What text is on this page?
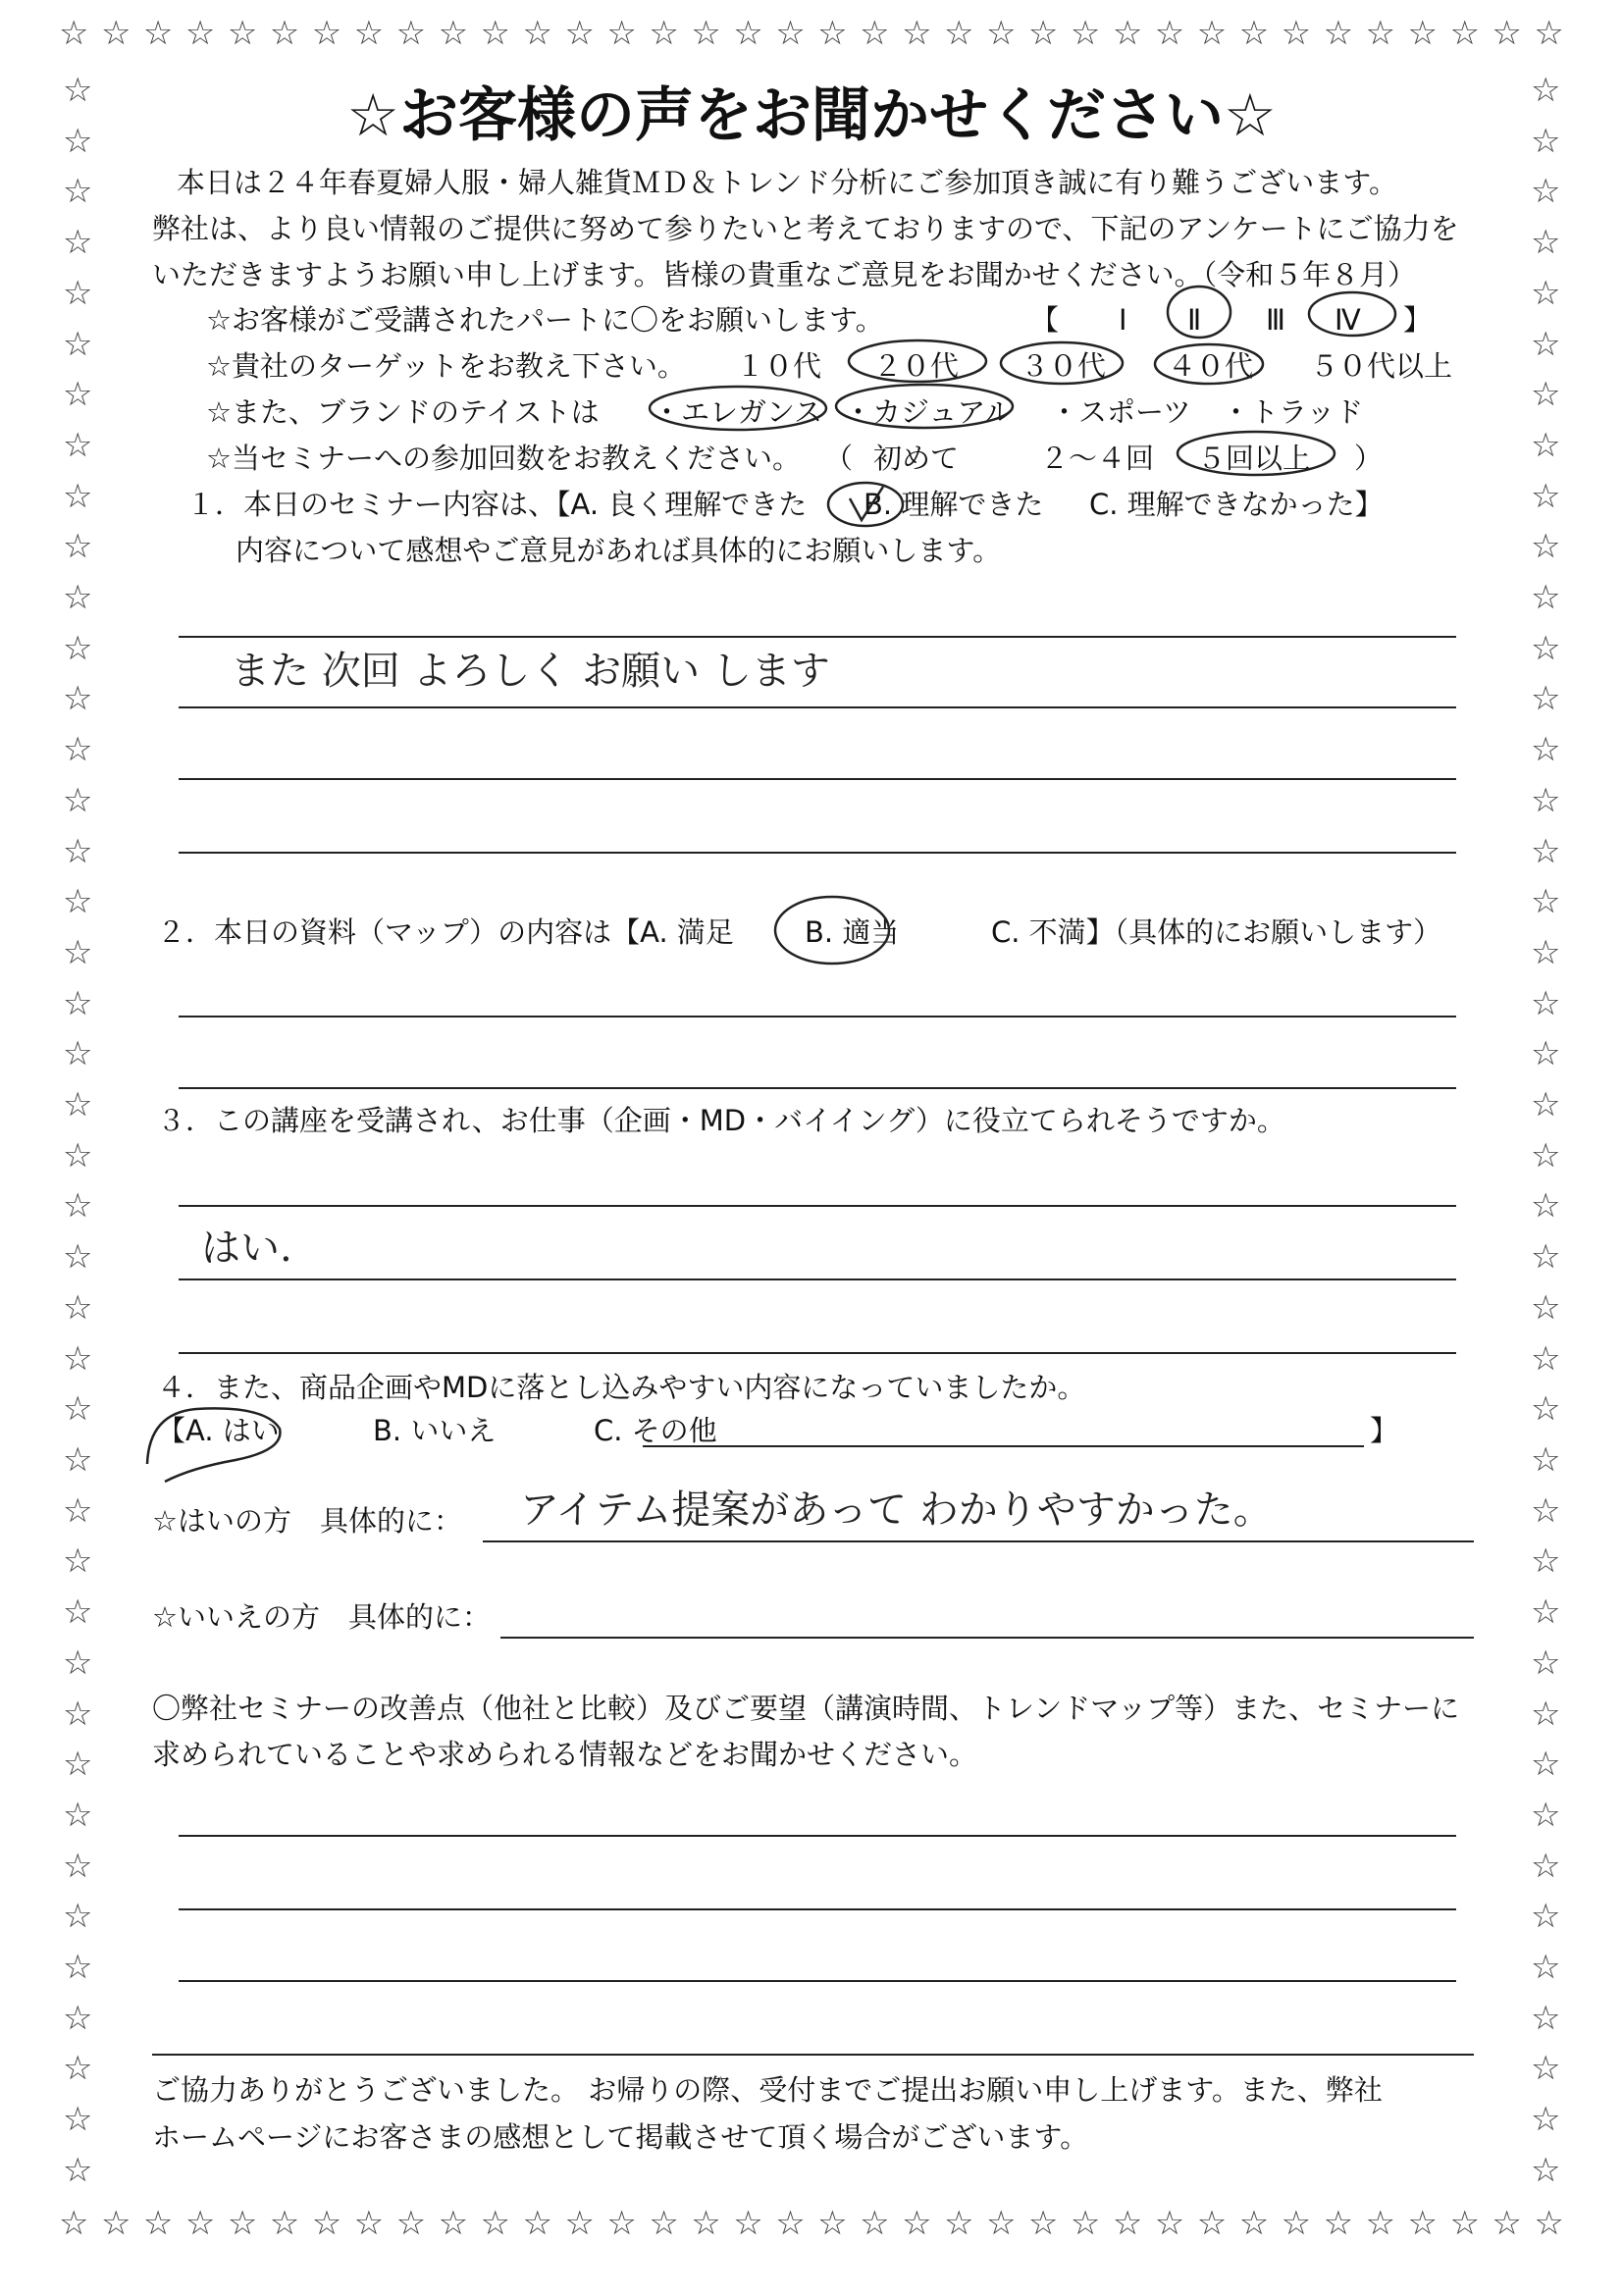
☆ ☆ ☆ ☆ ☆ ☆ ☆ ☆ ☆ ☆ ☆ ☆ ☆ ☆ ☆ ☆ ☆ ☆ ☆ ☆ ☆ ☆ ☆ ☆ ☆ ☆ ☆ ☆ ☆ ☆ ☆ ☆ ☆ ☆ ☆ ☆
☆ ☆ ☆ ☆ ☆ ☆ ☆ ☆ ☆ ☆ ☆ ☆ ☆ ☆ ☆ ☆ ☆ ☆ ☆ ☆ ☆ ☆ ☆ ☆ ☆ ☆ ☆ ☆ ☆ ☆ ☆ ☆ ☆ ☆ ☆ ☆
☆
☆
☆
☆
☆
☆
☆
☆
☆
☆
☆
☆
☆
☆
☆
☆
☆
☆
☆
☆
☆
☆
☆
☆
☆
☆
☆
☆
☆
☆
☆
☆
☆
☆
☆
☆
☆
☆
☆
☆
☆
☆
☆
☆
☆
☆
☆
☆
☆
☆
☆
☆
☆
☆
☆
☆
☆
☆
☆
☆
☆
☆
☆
☆
☆
☆
☆
☆
☆
☆
☆
☆
☆
☆
☆
☆
☆
☆
☆
☆
☆
☆
☆
☆
☆お客様の声をお聞かせください☆
本日は２４年春夏婦人服・婦人雑貨ＭＤ＆トレンド分析にご参加頂き誠に有り難うございます。
弊社は、より良い情報のご提供に努めて参りたいと考えておりますので、下記のアンケートにご協力を
いただきますようお願い申し上げます。皆様の貴重なご意見をお聞かせください。（令和５年８月）
☆お客様がご受講されたパートに〇をお願いします。	【 Ⅰ Ⅱ Ⅲ Ⅳ 】
☆貴社のターゲットをお教え下さい。 １０代 ２０代 ３０代 ４０代 ５０代以上
☆また、ブランドのテイストは ・エレガンス ・カジュアル ・スポーツ ・トラッド
☆当セミナーへの参加回数をお教えください。 （ 初めて	２～４回 ５回以上 ）
１．本日のセミナー内容は、【A. 良く理解できた B. 理解できた C. 理解できなかった】
内容について感想やご意見があれば具体的にお願いします。
また 次回 よろしく お願い します
２．本日の資料（マップ）の内容は【A. 満足 B. 適当	C. 不満】（具体的にお願いします）
３．この講座を受講され、お仕事（企画・MD・バイイング）に役立てられそうですか。
はい.
４．また、商品企画やMDに落とし込みやすい内容になっていましたか。
【A. はい	B. いいえ	C. その他	】
☆はいの方　具体的に： アイテム提案があって わかりやすかった。
☆いいえの方　具体的に：
〇弊社セミナーの改善点（他社と比較）及びご要望（講演時間、トレンドマップ等）また、セミナーに
求められていることや求められる情報などをお聞かせください。
ご協力ありがとうございました。 お帰りの際、受付までご提出お願い申し上げます。また、弊社
ホームページにお客さまの感想として掲載させて頂く場合がございます。
